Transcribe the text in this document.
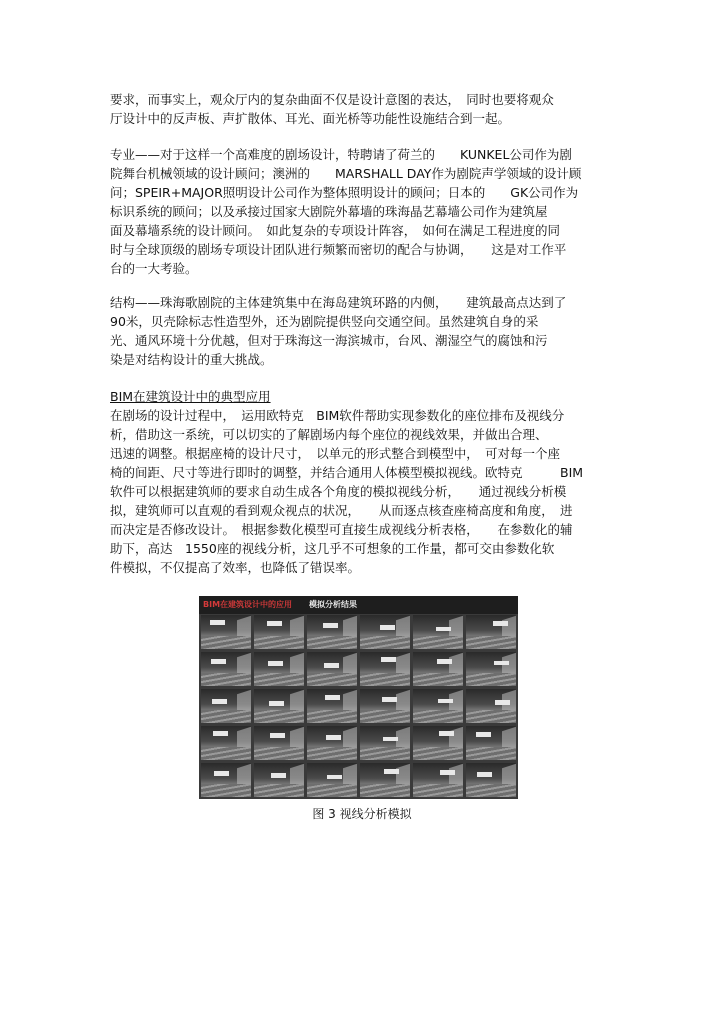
要求，而事实上，观众厅内的复杂曲面不仅是设计意图的表达，　同时也要将观众
厅设计中的反声板、声扩散体、耳光、面光桥等功能性设施结合到一起。
专业——对于这样一个高难度的剧场设计，特聘请了荷兰的　　KUNKEL公司作为剧
院舞台机械领域的设计顾问；澳洲的　　MARSHALL DAY作为剧院声学领域的设计顾
问；SPEIR+MAJOR照明设计公司作为整体照明设计的顾问；日本的　　GK公司作为
标识系统的顾问；以及承接过国家大剧院外幕墙的珠海晶艺幕墙公司作为建筑屋
面及幕墙系统的设计顾问。　如此复杂的专项设计阵容，　如何在满足工程进度的同
时与全球顶级的剧场专项设计团队进行频繁而密切的配合与协调，　　这是对工作平
台的一大考验。
结构——珠海歌剧院的主体建筑集中在海岛建筑环路的内侧，　　建筑最高点达到了
90米，贝壳除标志性造型外，还为剧院提供竖向交通空间。虽然建筑自身的采
光、通风环境十分优越，但对于珠海这一海滨城市，台风、潮湿空气的腐蚀和污
染是对结构设计的重大挑战。
BIM在建筑设计中的典型应用
在剧场的设计过程中，　运用欧特克　BIM软件帮助实现参数化的座位排布及视线分
析，借助这一系统，可以切实的了解剧场内每个座位的视线效果，并做出合理、
迅速的调整。根据座椅的设计尺寸，　以单元的形式整合到模型中，　可对每一个座
椅的间距、尺寸等进行即时的调整，并结合通用人体模型模拟视线。欧特克　　　BIM
软件可以根据建筑师的要求自动生成各个角度的模拟视线分析，　　通过视线分析模
拟，建筑师可以直观的看到观众视点的状况，　　从而逐点核查座椅高度和角度，　进
而决定是否修改设计。　根据参数化模型可直接生成视线分析表格，　　在参数化的辅
助下，高达　1550座的视线分析，这几乎不可想象的工作量，都可交由参数化软
件模拟，不仅提高了效率，也降低了错误率。
BIM在建筑设计中的应用 模拟分析结果
图 3 视线分析模拟
